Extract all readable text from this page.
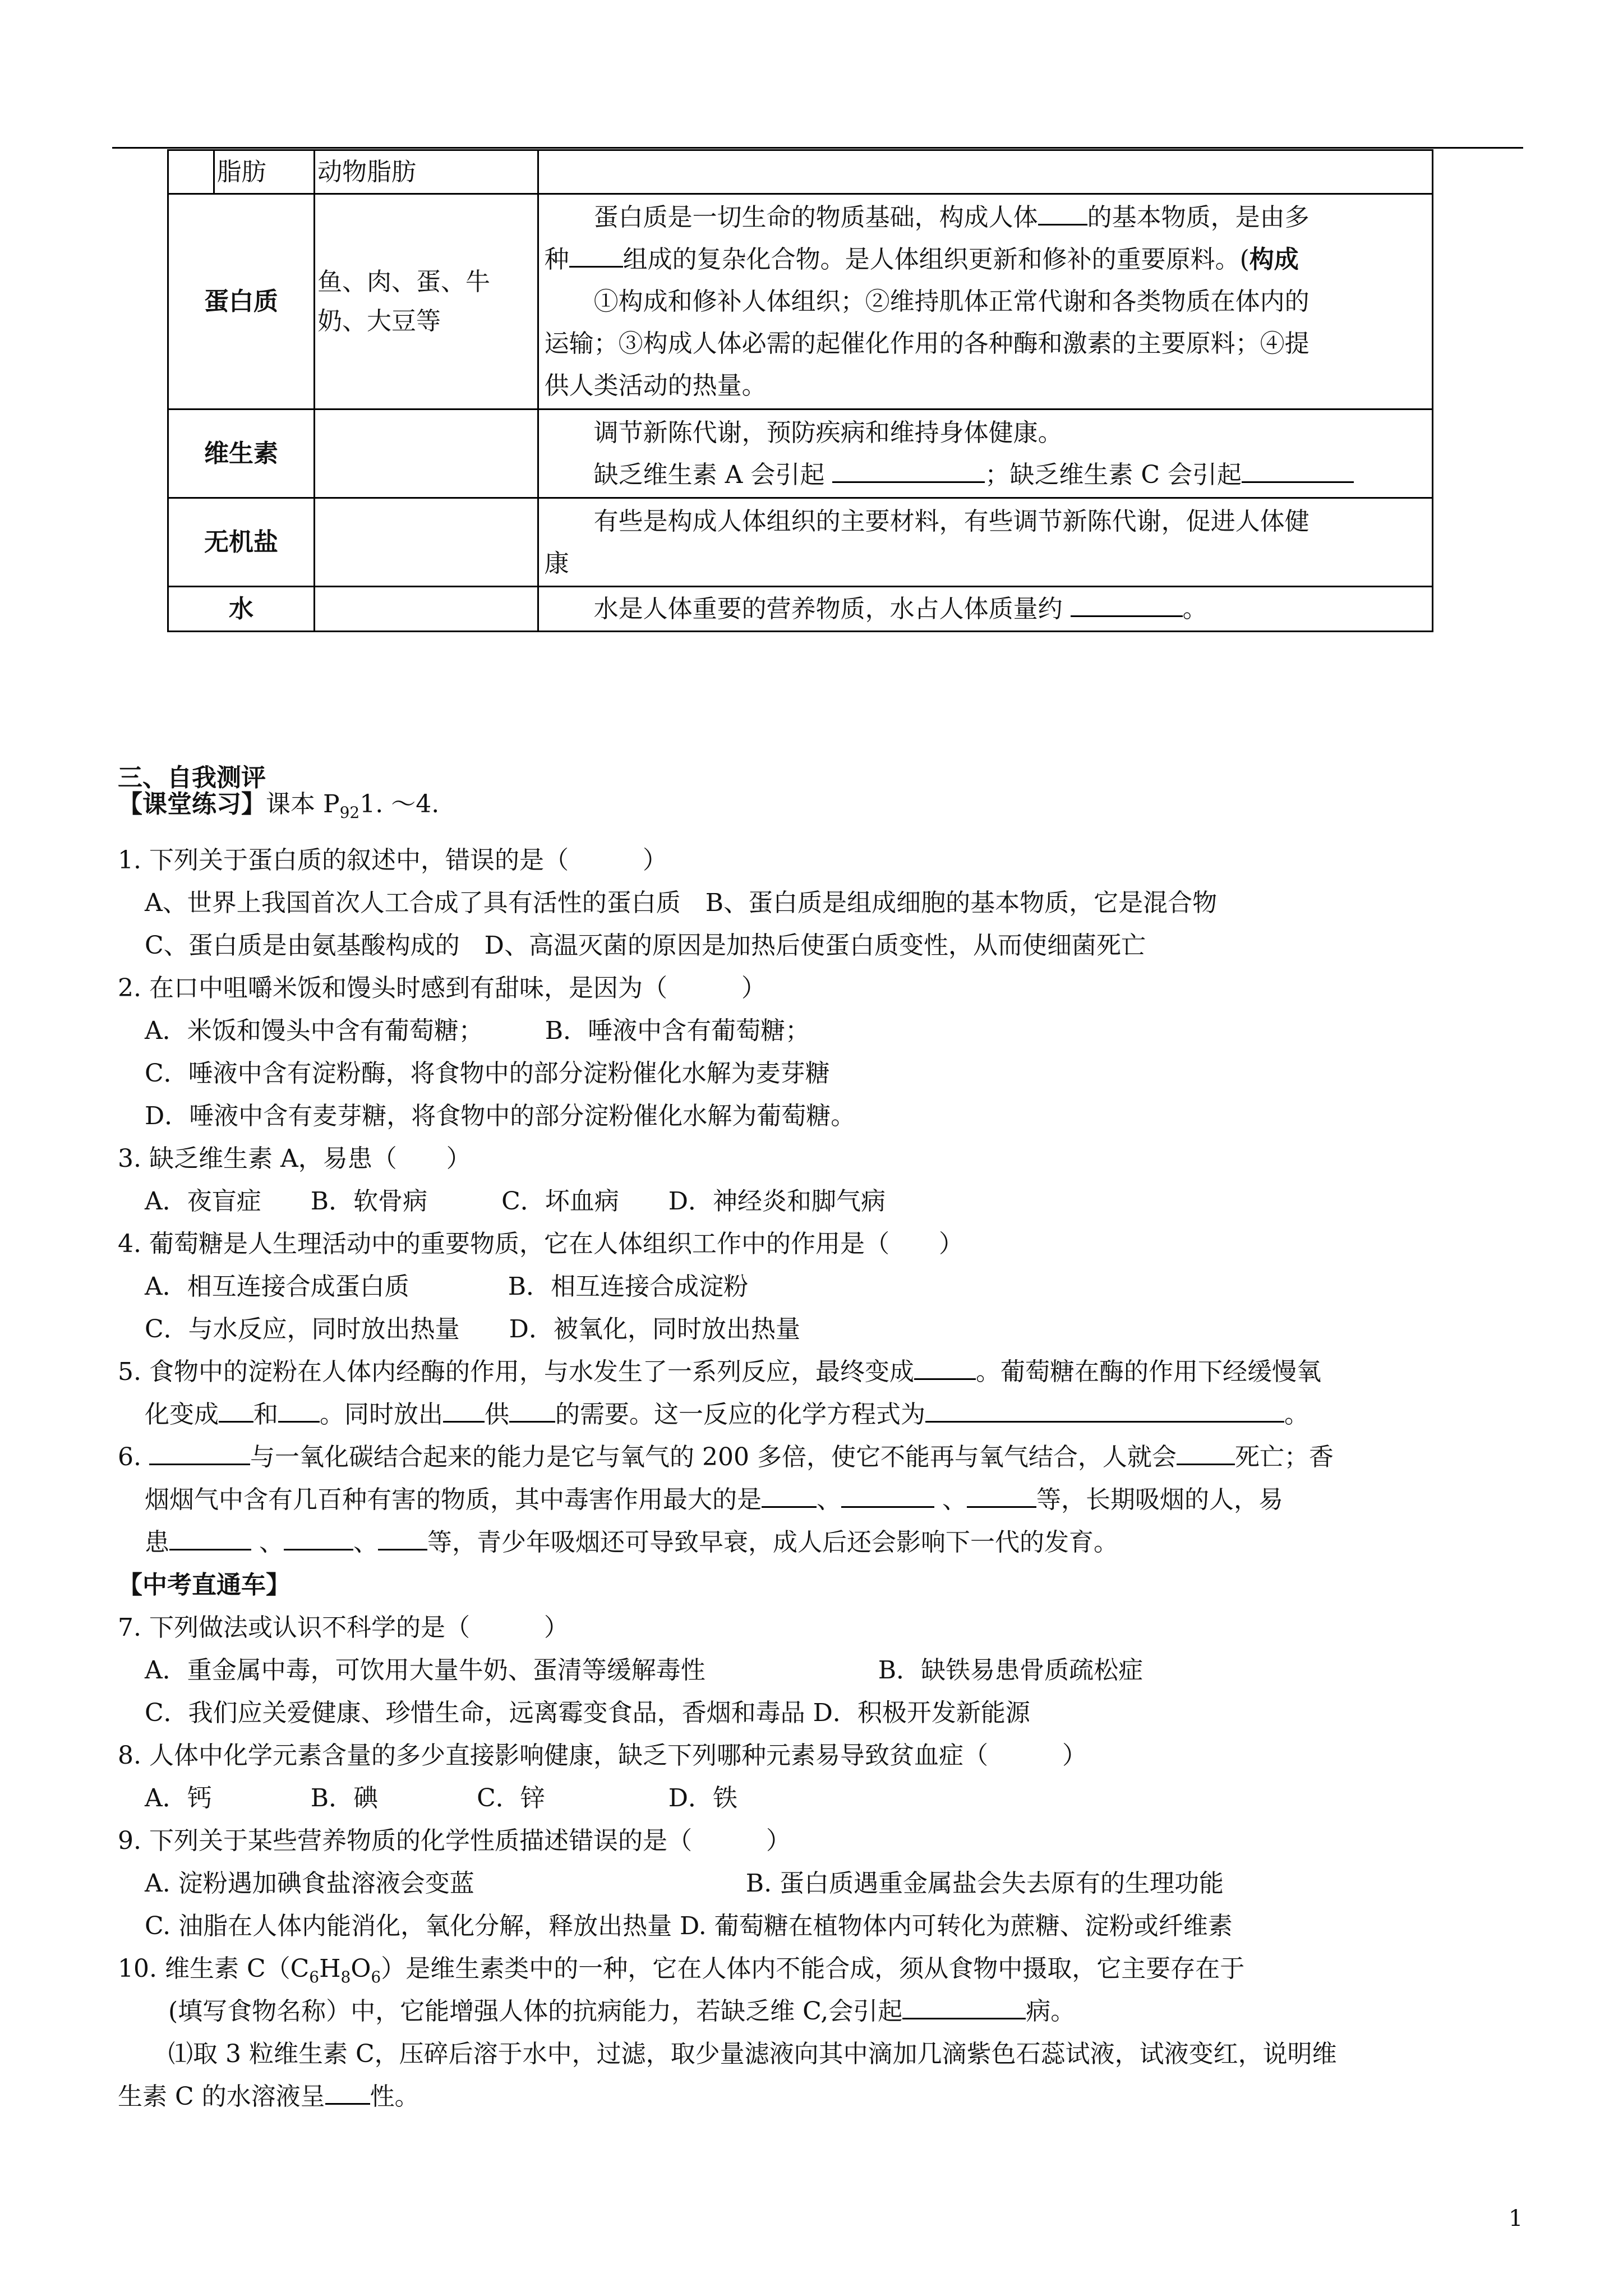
	脂肪	动物脂肪	
蛋白质		鱼、肉、蛋、牛奶、大豆等	蛋白质是一切生命的物质基础，构成人体 的基本物质，是由多
种 组成的复杂化合物。是人体组织更新和修补的重要原料。(构成
①构成和修补人体组织；②维持肌体正常代谢和各类物质在体内的
运输；③构成人体必需的起催化作用的各种酶和激素的主要原料；④提
供人类活动的热量。

维生素			调节新陈代谢，预防疾病和维持身体健康。
缺乏维生素 A 会引起 ；缺乏维生素 C 会引起

无机盐			有些是构成人体组织的主要材料，有些调节新陈代谢，促进人体健
康

水			水是人体重要的营养物质，水占人体质量约 。
三、自我测评
【课堂练习】课本 $P_{92}1$. ～4.
1. 下列关于蛋白质的叙述中，错误的是（　　　）
A、世界上我国首次人工合成了具有活性的蛋白质　B、蛋白质是组成细胞的基本物质，它是混合物
C、蛋白质是由氨基酸构成的　D、高温灭菌的原因是加热后使蛋白质变性，从而使细菌死亡
2. 在口中咀嚼米饭和馒头时感到有甜味，是因为（　　　）
A．米饭和馒头中含有葡萄糖；　　　B．唾液中含有葡萄糖；
C．唾液中含有淀粉酶，将食物中的部分淀粉催化水解为麦芽糖
D．唾液中含有麦芽糖，将食物中的部分淀粉催化水解为葡萄糖。
3. 缺乏维生素 A，易患（　　）
A．夜盲症　　B．软骨病　　　C．坏血病　　D．神经炎和脚气病
4. 葡萄糖是人生理活动中的重要物质，它在人体组织工作中的作用是（　　）
A．相互连接合成蛋白质　　　　B．相互连接合成淀粉
C．与水反应，同时放出热量　　D．被氧化，同时放出热量
5. 食物中的淀粉在人体内经酶的作用，与水发生了一系列反应，最终变成	。葡萄糖在酶的作用下经缓慢氧
化变成 和 。同时放出 供 的需要。这一反应的化学方程式为	。
6.	与一氧化碳结合起来的能力是它与氧气的 200 多倍，使它不能再与氧气结合，人就会 死亡；香
烟烟气中含有几百种有害的物质，其中毒害作用最大的是 、	、	等，长期吸烟的人，易
患	、	、 等，青少年吸烟还可导致早衰，成人后还会影响下一代的发育。
【中考直通车】
7. 下列做法或认识不科学的是（　　　）
A．重金属中毒，可饮用大量牛奶、蛋清等缓解毒性　　　　　　　B．缺铁易患骨质疏松症
C．我们应关爱健康、珍惜生命，远离霉变食品，香烟和毒品 D．积极开发新能源
8. 人体中化学元素含量的多少直接影响健康，缺乏下列哪种元素易导致贫血症（　　　）
A．钙　　　　B．碘　　　　C．锌　　　　　D．铁
9. 下列关于某些营养物质的化学性质描述错误的是（　　　）
A. 淀粉遇加碘食盐溶液会变蓝　　　　　　　　　　　B. 蛋白质遇重金属盐会失去原有的生理功能
C. 油脂在人体内能消化，氧化分解，释放出热量 D. 葡萄糖在植物体内可转化为蔗糖、淀粉或纤维素
10. 维生素 $C(C_6H_8O_6)$是维生素类中的一种，它在人体内不能合成，须从食物中摄取，它主要存在于
(填写食物名称）中，它能增强人体的抗病能力，若缺乏维 C,会引起	病。
⑴取 3 粒维生素 C，压碎后溶于水中，过滤，取少量滤液向其中滴加几滴紫色石蕊试液，试液变红，说明维
生素 C 的水溶液呈 性。
1
